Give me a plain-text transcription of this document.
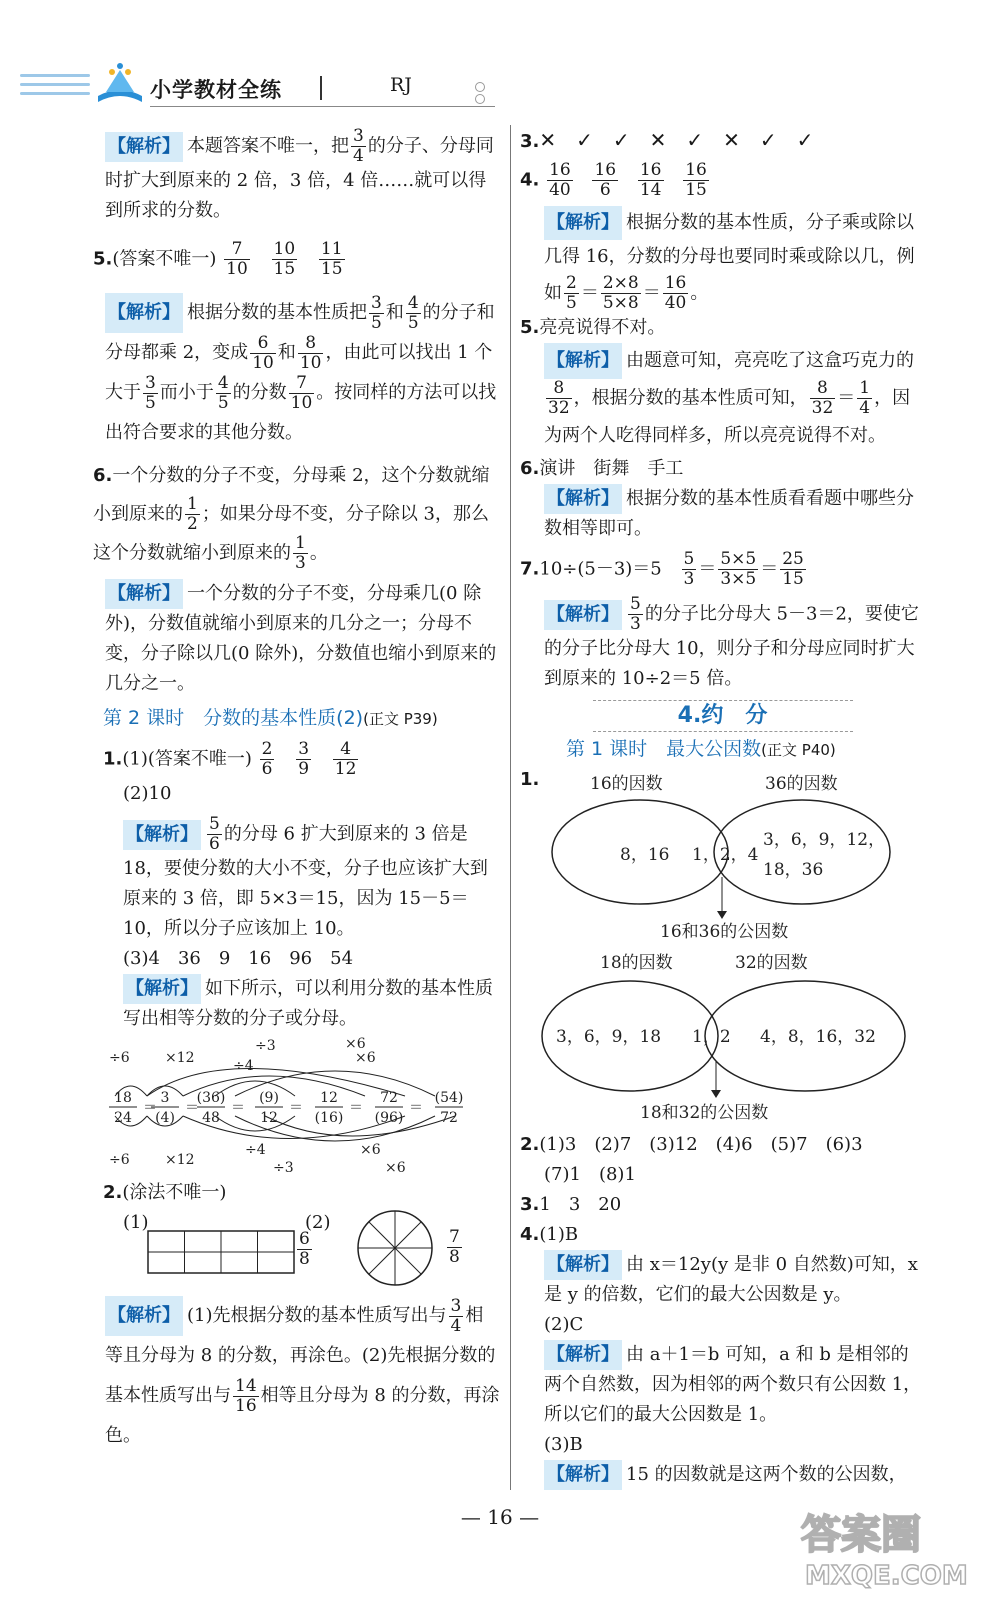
小学教材全练	RJ

【解析】 本题答案不唯一，把 $\frac{3}{4}$ 的分子、分母同时扩大到原来的 2 倍，3 倍，4 倍……就可以得到所求的分数。

5.(答案不唯一) $\frac{7}{10}$
$\frac{10}{15}$
$\frac{11}{15}$

【解析】 根据分数的基本性质把 $\frac{3}{5}$ 和 $\frac{4}{5}$ 的分子和分母都乘 2，变成 $\frac{6}{10}$ 和 $\frac{8}{10}$ ，由此可以找出 1 个大于 $\frac{3}{5}$ 而小于 $\frac{4}{5}$ 的分数 $\frac{7}{10}$ 。按同样的方法可以找出符合要求的其他分数。

6.一个分数的分子不变，分母乘 2，这个分数就缩小到原来的 $\frac{1}{2}$ ；如果分母不变，分子除以 3，那么这个分数就缩小到原来的 $\frac{1}{3}$ 。

【解析】 一个分数的分子不变，分母乘几(0 除外)，分数值就缩小到原来的几分之一；分母不变，分子除以几(0 除外)，分数值也缩小到原来的几分之一。

第 2 课时　分数的基本性质(2)(正文 P39)

1.(1)(答案不唯一) $\frac{2}{6}$
$\frac{3}{9}$
$\frac{4}{12}$

(2)10

【解析】 $\frac{5}{6}$ 的分母 6 扩大到原来的 3 倍是 18，要使分数的大小不变，分子也应该扩大到原来的 3 倍，即 5×3＝15，因为 15－5＝10，所以分子应该加上 10。

(3)4　36　9　16　96　54

【解析】 如下所示，可以利用分数的基本性质写出相等分数的分子或分母。

÷6	×12
÷3
÷4
×6
×6
÷6	×12
÷4
÷3
×6
×6
18
24
＝
3
(4)
＝
(36)
48
＝
(9)
12
＝
12
(16)
＝
72
(96)
＝
(54)
72

2.(涂法不唯一)

(1)	(2)
$\frac{6}{8}$	$\frac{7}{8}$

【解析】 (1)先根据分数的基本性质写出与 $\frac{3}{4}$ 相等且分母为 8 的分数，再涂色。(2)先根据分数的基本性质写出与 $\frac{14}{16}$ 相等且分母为 8 的分数，再涂色。

3.✕　✓　✓　✕　✓　✕　✓　✓

4. $\frac{16}{40}$
$\frac{16}{6}$
$\frac{16}{14}$
$\frac{16}{15}$

【解析】 根据分数的基本性质，分子乘或除以几得 16，分数的分母也要同时乘或除以几，例如 $\frac{2}{5} = \frac{2\times 8}{5\times 8} = \frac{16}{40}$ 。

5.亮亮说得不对。

【解析】 由题意可知，亮亮吃了这盒巧克力的
$\frac{8}{32}$ ，根据分数的基本性质可知， $\frac{8}{32} = \frac{1}{4}$ ，因为两个人吃得同样多，所以亮亮说得不对。

6.演讲　街舞　手工

【解析】 根据分数的基本性质看看题中哪些分数相等即可。

$7.10\div(5-3)=5 \frac{5}{3} = \frac{5\times 5}{3\times 5} = \frac{25}{15}$

【解析】 $\frac{5}{3}$ 的分子比分母大 5－3＝2，要使它的分子比分母大 10，则分子和分母应同时扩大到原来的 10÷2＝5 倍。

4.约　分

第 1 课时　最大公因数(正文 P40)

1.	16的因数	36的因数
8，16 1，2，4
3，6，9，12，
18，36
16和36的公因数
18的因数	32的因数
3，6，9，18 1，2 4，8，16，32
18和32的公因数

2.(1)3　(2)7　(3)12　(4)6　(5)7　(6)3

(7)1　(8)1

3.1　3　20

4.(1)B

【解析】 由 x＝12y(y 是非 0 自然数)可知，x 是 y 的倍数，它们的最大公因数是 y。

(2)C

【解析】 由 a＋1＝b 可知，a 和 b 是相邻的两个自然数，因为相邻的两个数只有公因数 1，所以它们的最大公因数是 1。

(3)B

【解析】 15 的因数就是这两个数的公因数，

— 16 —	答案圈
MXQE.COM
